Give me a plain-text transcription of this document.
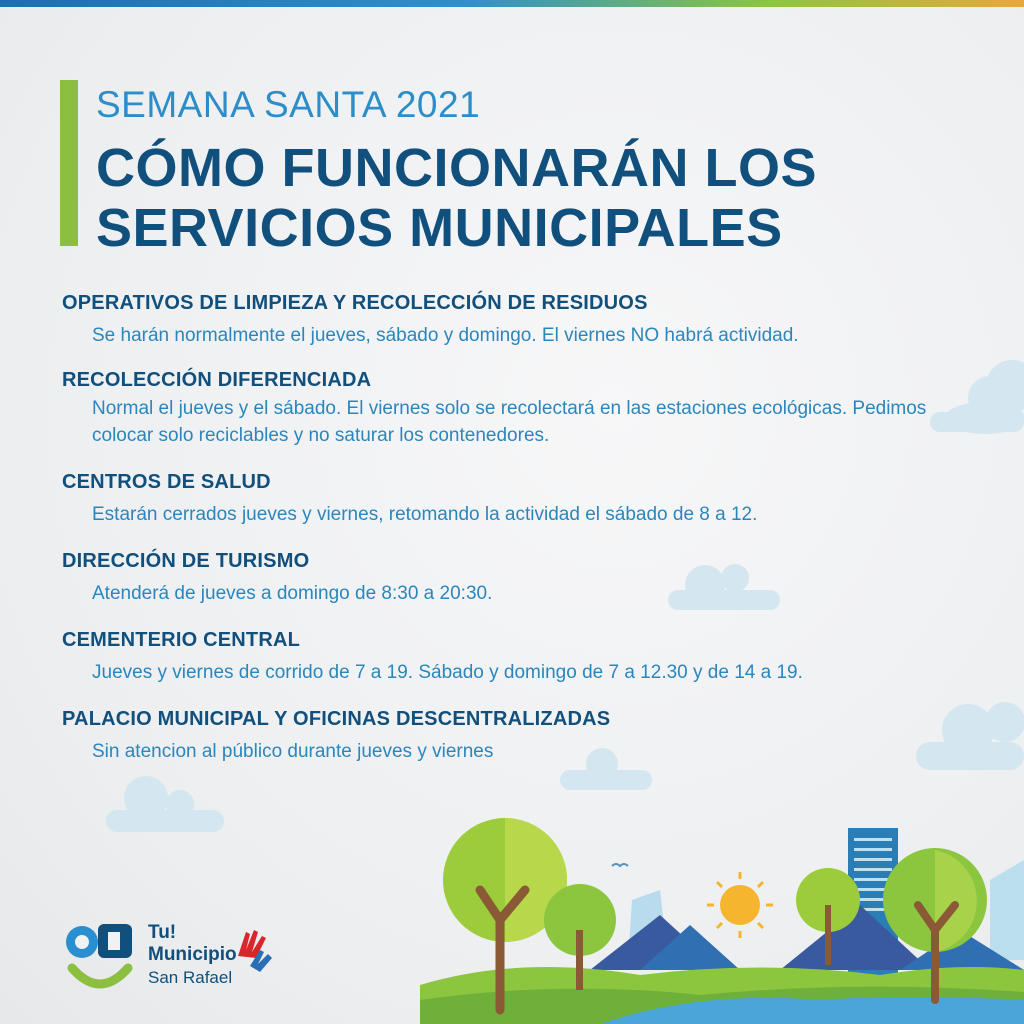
SEMANA SANTA 2021
CÓMO FUNCIONARÁN LOS
SERVICIOS MUNICIPALES
OPERATIVOS DE LIMPIEZA Y RECOLECCIÓN DE RESIDUOS

Se harán normalmente el jueves, sábado y domingo. El viernes NO habrá actividad.

RECOLECCIÓN DIFERENCIADA

Normal el jueves y el sábado. El viernes solo se recolectará en las estaciones ecológicas. Pedimos colocar solo reciclables y no saturar los contenedores.

CENTROS DE SALUD

Estarán cerrados jueves y viernes, retomando la actividad el sábado de 8 a 12.

DIRECCIÓN DE TURISMO

Atenderá de jueves a domingo de 8:30 a 20:30.

CEMENTERIO CENTRAL

Jueves y viernes de corrido de 7 a 19. Sábado y domingo de 7 a 12.30 y de 14 a 19.

PALACIO MUNICIPAL Y OFICINAS DESCENTRALIZADAS

Sin atencion al público durante jueves y viernes

Tu!
Municipio
San Rafael
